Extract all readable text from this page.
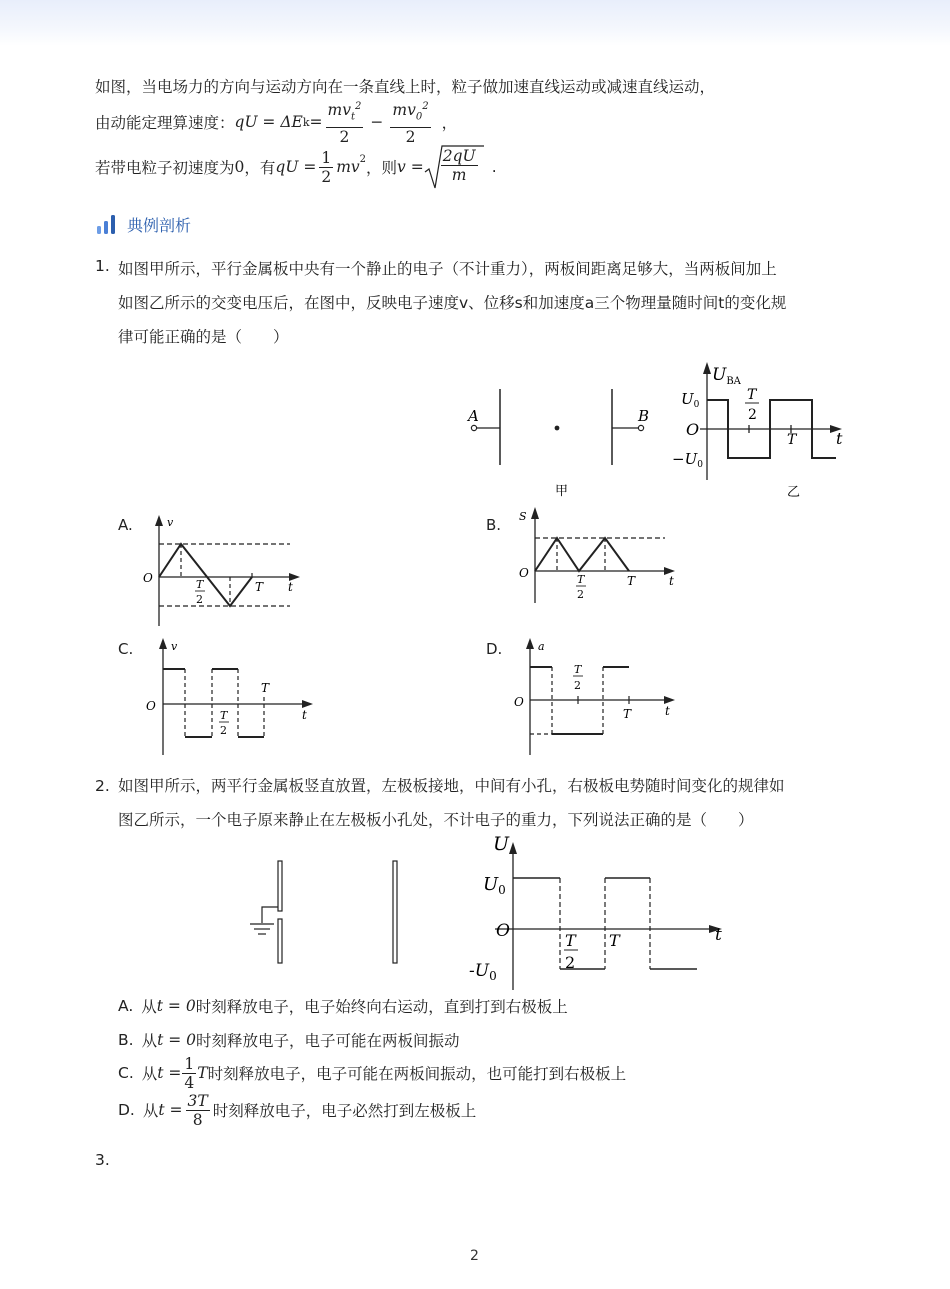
如图，当电场力的方向与运动方向在一条直线上时，粒子做加速直线运动或减速直线运动，
由动能定理算速度： qU = ΔE $k = \frac{mv_t^2}{2} - \frac{mv_0^2}{2}$ ，
若带电粒子初速度为 0 ，有 qU = $\frac{1}{2} mv^2$ ，则 $v = \frac{2qU}{m}$ .
典例剖析
1. 如图甲所示，平行金属板中央有一个静止的电子（不计重力），两板间距离足够大，当两板间加上
如图乙所示的交变电压后，在图中，反映电子速度v、位移s和加速度a三个物理量随时间t的变化规
律可能正确的是（　　）
A	B
甲
$U_{BA}$
$U_0$
O
$-U_0$
T
2
T t
乙
A.	v
O	T
2
T t
B. S
O	T
2
T	t
C.	v
O
T
2
T
t
D.	a
O
T
2
T	t
2. 如图甲所示，两平行金属板竖直放置，左极板接地，中间有小孔，右极板电势随时间变化的规律如
图乙所示，一个电子原来静止在左极板小孔处，不计电子的重力，下列说法正确的是（　　）
U
$U_0$
O	T
2
T	t
$-U_0$
A. 从 t = 0 时刻释放电子，电子始终向右运动，直到打到右极板上
B. 从 t = 0 时刻释放电子，电子可能在两板间振动
C. 从 $t = \frac{1}{4}$ T 时刻释放电子，电子可能在两板间振动，也可能打到右极板上
D. 从 $t = \frac{3T}{8}$ 时刻释放电子，电子必然打到左极板上
3.
2
